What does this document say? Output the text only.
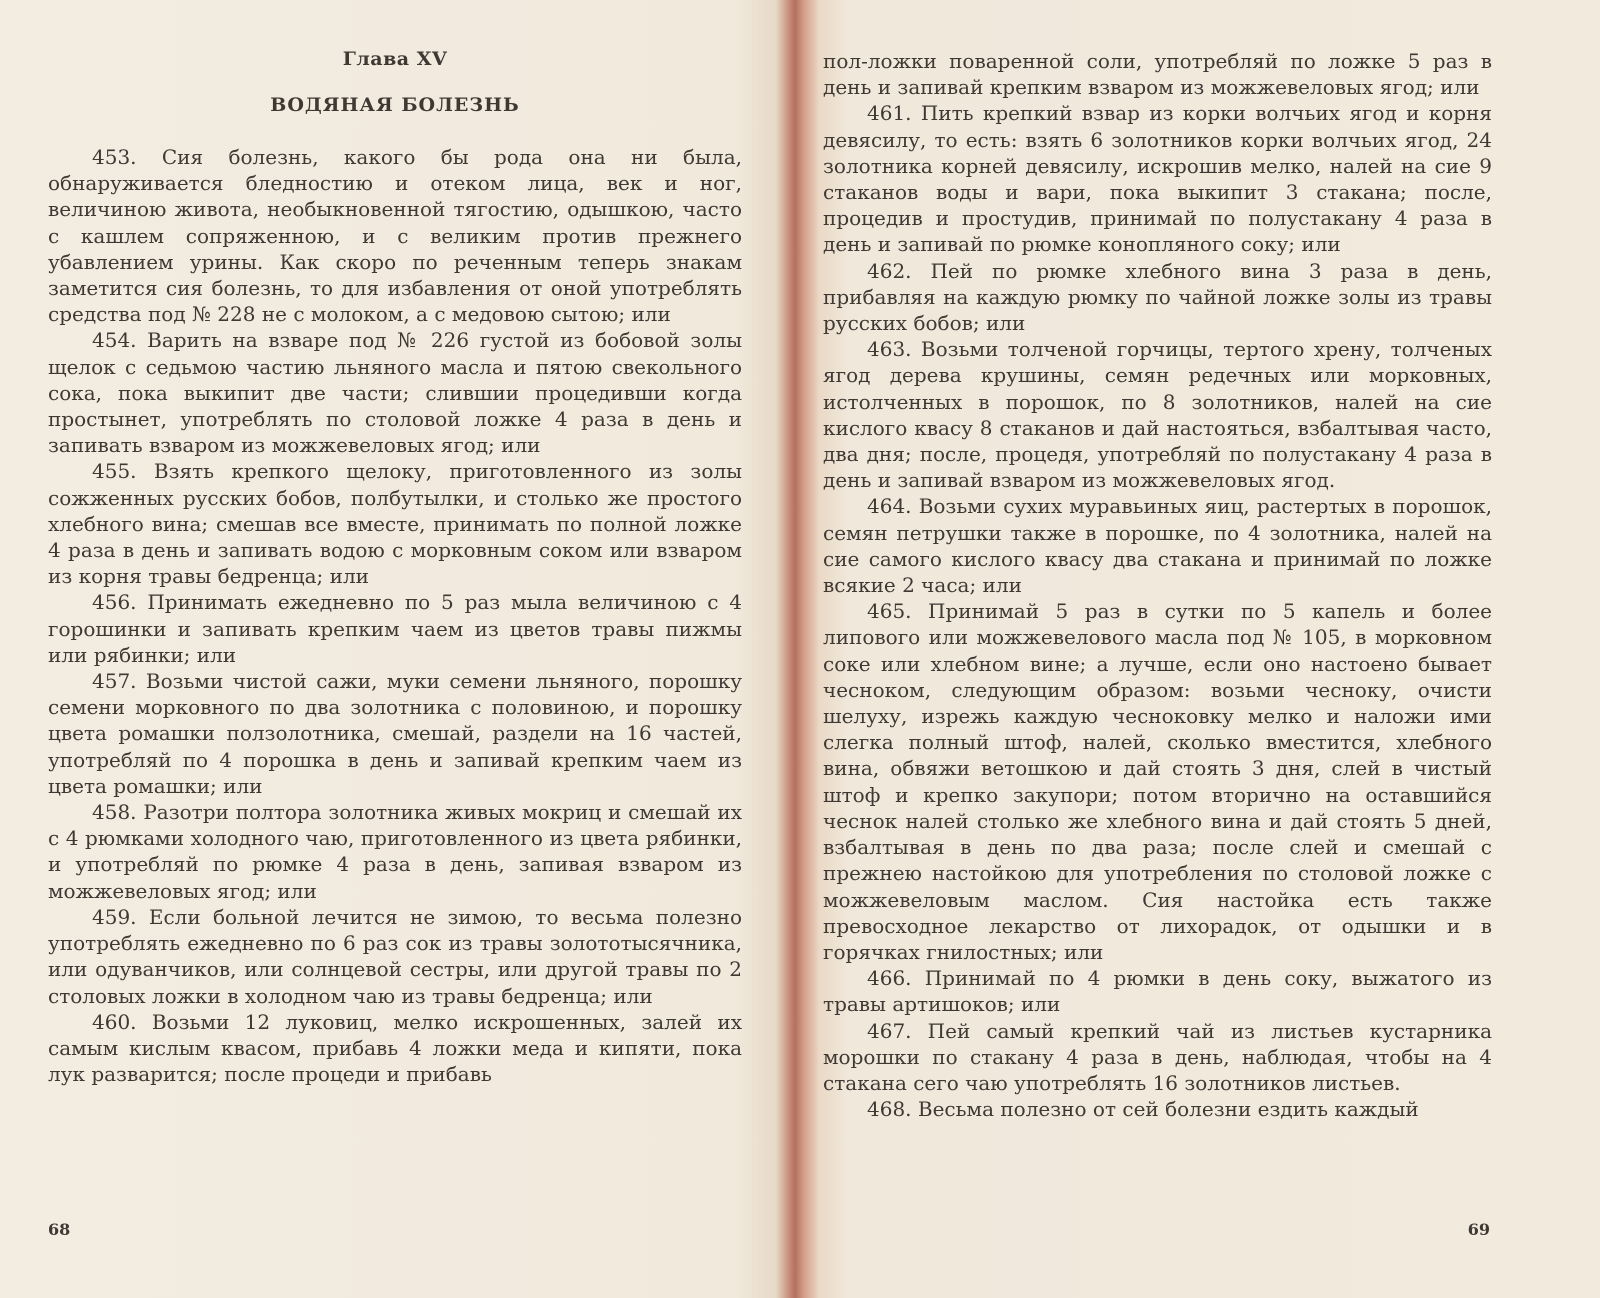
Глава XV
ВОДЯНАЯ БОЛЕЗНЬ

453. Сия болезнь, какого бы рода она ни была, обнаруживается бледностию и отеком лица, век и ног, величиною живота, необыкновенной тягостию, одышкою, часто с кашлем сопряженною, и с великим против прежнего убавлением урины. Как скоро по реченным теперь знакам заметится сия болезнь, то для избавления от оной употреблять средства под № 228 не с молоком, а с медовою сытою; или

454. Варить на взваре под № 226 густой из бобовой золы щелок с седьмою частию льняного масла и пятою свекольного сока, пока выкипит две части; слившии процедивши когда простынет, употреблять по столовой ложке 4 раза в день и запивать взваром из можжевеловых ягод; или

455. Взять крепкого щелоку, приготовленного из золы сожженных русских бобов, полбутылки, и столько же простого хлебного вина; смешав все вместе, принимать по полной ложке 4 раза в день и запивать водою с морковным соком или взваром из корня травы бедренца; или

456. Принимать ежедневно по 5 раз мыла величиною с 4 горошинки и запивать крепким чаем из цветов травы пижмы или рябинки; или

457. Возьми чистой сажи, муки семени льняного, порошку семени морковного по два золотника с половиною, и порошку цвета ромашки ползолотника, смешай, раздели на 16 частей, употребляй по 4 порошка в день и запивай крепким чаем из цвета ромашки; или

458. Разотри полтора золотника живых мокриц и смешай их с 4 рюмками холодного чаю, приготовленного из цвета рябинки, и употребляй по рюмке 4 раза в день, запивая взваром из можжевеловых ягод; или

459. Если больной лечится не зимою, то весьма полезно употреблять ежедневно по 6 раз сок из травы золототысячника, или одуванчиков, или солнцевой сестры, или другой травы по 2 столовых ложки в холодном чаю из травы бедренца; или

460. Возьми 12 луковиц, мелко искрошенных, залей их самым кислым квасом, прибавь 4 ложки меда и кипяти, пока лук разварится; после процеди и прибавь

68

пол-ложки поваренной соли, употребляй по ложке 5 раз в день и запивай крепким взваром из можжевеловых ягод; или

461. Пить крепкий взвар из корки волчьих ягод и корня девясилу, то есть: взять 6 золотников корки волчьих ягод, 24 золотника корней девясилу, искрошив мелко, налей на сие 9 стаканов воды и вари, пока выкипит 3 стакана; после, процедив и простудив, принимай по полустакану 4 раза в день и запивай по рюмке конопляного соку; или

462. Пей по рюмке хлебного вина 3 раза в день, прибавляя на каждую рюмку по чайной ложке золы из травы русских бобов; или

463. Возьми толченой горчицы, тертого хрену, толченых ягод дерева крушины, семян редечных или морковных, истолченных в порошок, по 8 золотников, налей на сие кислого квасу 8 стаканов и дай настояться, взбалтывая часто, два дня; после, процедя, употребляй по полустакану 4 раза в день и запивай взваром из можжевеловых ягод.

464. Возьми сухих муравьиных яиц, растертых в порошок, семян петрушки также в порошке, по 4 золотника, налей на сие самого кислого квасу два стакана и принимай по ложке всякие 2 часа; или

465. Принимай 5 раз в сутки по 5 капель и более липового или можжевелового масла под № 105, в морковном соке или хлебном вине; а лучше, если оно настоено бывает чесноком, следующим образом: возьми чесноку, очисти шелуху, изрежь каждую чесноковку мелко и наложи ими слегка полный штоф, налей, сколько вместится, хлебного вина, обвяжи ветошкою и дай стоять 3 дня, слей в чистый штоф и крепко закупори; потом вторично на оставшийся чеснок налей столько же хлебного вина и дай стоять 5 дней, взбалтывая в день по два раза; после слей и смешай с прежнею настойкою для употребления по столовой ложке с можжевеловым маслом. Сия настойка есть также превосходное лекарство от лихорадок, от одышки и в горячках гнилостных; или

466. Принимай по 4 рюмки в день соку, выжатого из травы артишоков; или

467. Пей самый крепкий чай из листьев кустарника морошки по стакану 4 раза в день, наблюдая, чтобы на 4 стакана сего чаю употреблять 16 золотников листьев.

468. Весьма полезно от сей болезни ездить каждый

69
